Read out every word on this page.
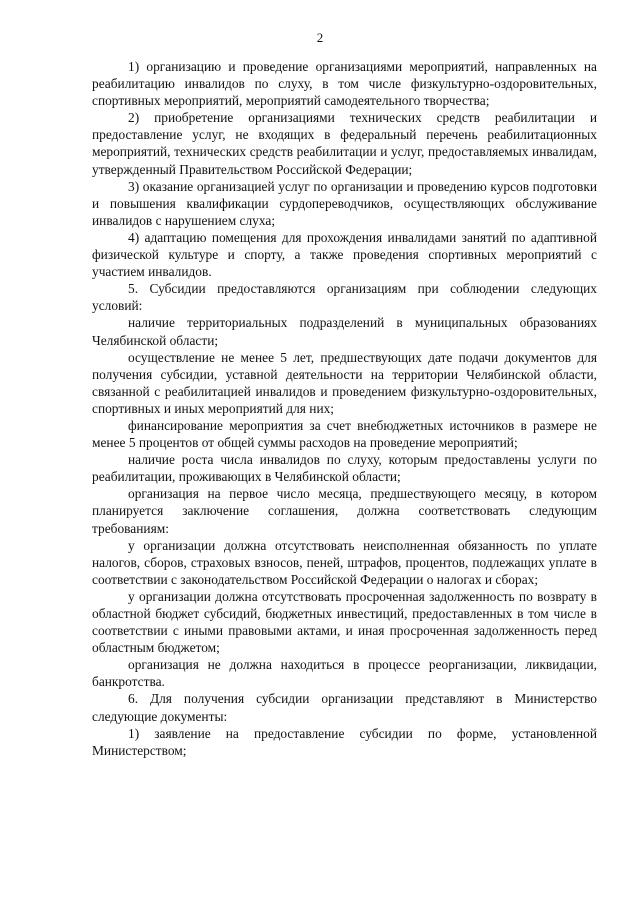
2

1) организацию и проведение организациями мероприятий, направленных на реабилитацию инвалидов по слуху, в том числе физкультурно-оздоровительных, спортивных мероприятий, мероприятий самодеятельного творчества;

2) приобретение организациями технических средств реабилитации и предоставление услуг, не входящих в федеральный перечень реабилитационных мероприятий, технических средств реабилитации и услуг, предоставляемых инвалидам, утвержденный Правительством Российской Федерации;

3) оказание организацией услуг по организации и проведению курсов подготовки и повышения квалификации сурдопереводчиков, осуществляющих обслуживание инвалидов с нарушением слуха;

4) адаптацию помещения для прохождения инвалидами занятий по адаптивной физической культуре и спорту, а также проведения спортивных мероприятий с участием инвалидов.

5. Субсидии предоставляются организациям при соблюдении следующих условий:

наличие территориальных подразделений в муниципальных образованиях Челябинской области;

осуществление не менее 5 лет, предшествующих дате подачи документов для получения субсидии, уставной деятельности на территории Челябинской области, связанной с реабилитацией инвалидов и проведением физкультурно-оздоровительных, спортивных и иных мероприятий для них;

финансирование мероприятия за счет внебюджетных источников в размере не менее 5 процентов от общей суммы расходов на проведение мероприятий;

наличие роста числа инвалидов по слуху, которым предоставлены услуги по реабилитации, проживающих в Челябинской области;

организация на первое число месяца, предшествующего месяцу, в котором планируется заключение соглашения, должна соответствовать следующим требованиям:

у организации должна отсутствовать неисполненная обязанность по уплате налогов, сборов, страховых взносов, пеней, штрафов, процентов, подлежащих уплате в соответствии с законодательством Российской Федерации о налогах и сборах;

у организации должна отсутствовать просроченная задолженность по возврату в областной бюджет субсидий, бюджетных инвестиций, предоставленных в том числе в соответствии с иными правовыми актами, и иная просроченная задолженность перед областным бюджетом;

организация не должна находиться в процессе реорганизации, ликвидации, банкротства.

6. Для получения субсидии организации представляют в Министерство следующие документы:

1) заявление на предоставление субсидии по форме, установленной Министерством;
